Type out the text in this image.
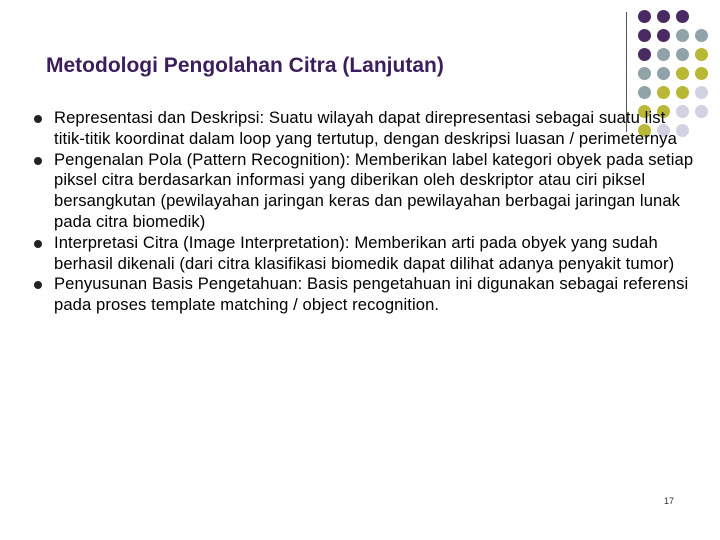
Metodologi Pengolahan Citra (Lanjutan)
Representasi dan Deskripsi: Suatu wilayah dapat direpresentasi sebagai suatu list titik-titik koordinat dalam loop yang tertutup, dengan deskripsi luasan / perimeternya
Pengenalan Pola (Pattern Recognition): Memberikan label kategori obyek pada setiap piksel citra berdasarkan informasi yang diberikan oleh deskriptor atau ciri piksel bersangkutan (pewilayahan jaringan keras dan pewilayahan berbagai jaringan lunak pada citra biomedik)
Interpretasi Citra (Image Interpretation): Memberikan arti pada obyek yang sudah berhasil dikenali (dari citra klasifikasi biomedik dapat dilihat adanya penyakit tumor)
Penyusunan Basis Pengetahuan: Basis pengetahuan ini digunakan sebagai referensi pada proses template matching / object recognition.
17
